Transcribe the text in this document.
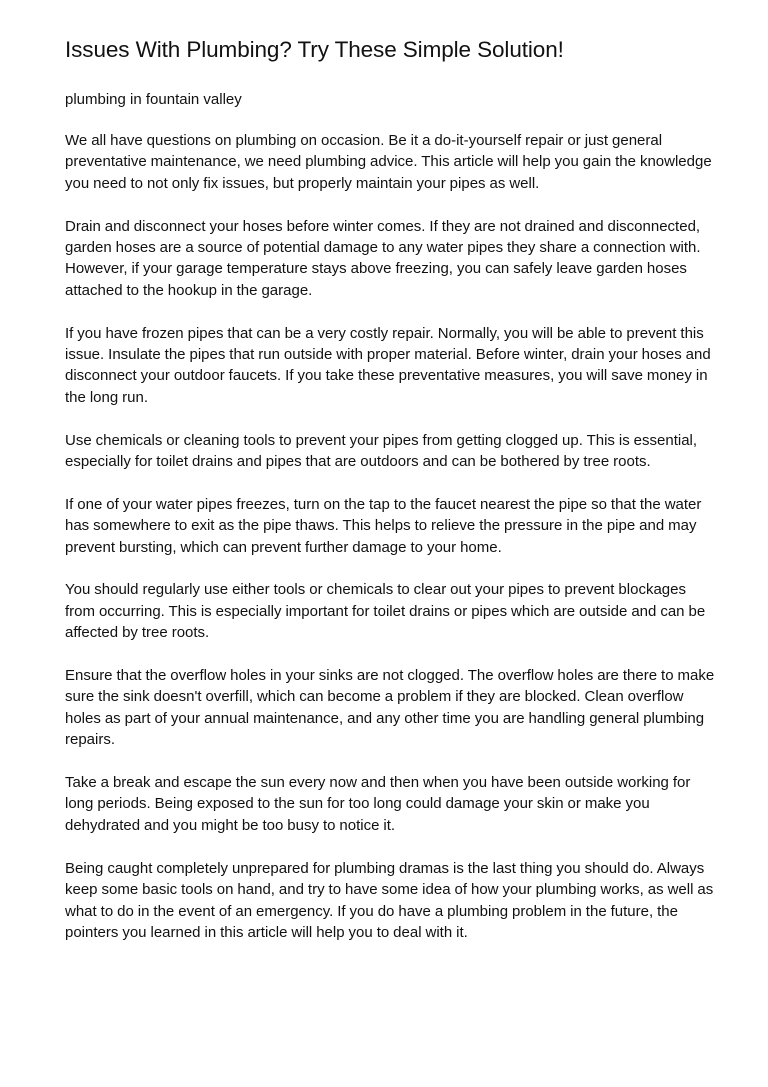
Issues With Plumbing? Try These Simple Solution!

plumbing in fountain valley

We all have questions on plumbing on occasion. Be it a do-it-yourself repair or just general preventative maintenance, we need plumbing advice. This article will help you gain the knowledge you need to not only fix issues, but properly maintain your pipes as well.

Drain and disconnect your hoses before winter comes. If they are not drained and disconnected, garden hoses are a source of potential damage to any water pipes they share a connection with. However, if your garage temperature stays above freezing, you can safely leave garden hoses attached to the hookup in the garage.

If you have frozen pipes that can be a very costly repair. Normally, you will be able to prevent this issue. Insulate the pipes that run outside with proper material. Before winter, drain your hoses and disconnect your outdoor faucets. If you take these preventative measures, you will save money in the long run.

Use chemicals or cleaning tools to prevent your pipes from getting clogged up. This is essential, especially for toilet drains and pipes that are outdoors and can be bothered by tree roots.

If one of your water pipes freezes, turn on the tap to the faucet nearest the pipe so that the water has somewhere to exit as the pipe thaws. This helps to relieve the pressure in the pipe and may prevent bursting, which can prevent further damage to your home.

You should regularly use either tools or chemicals to clear out your pipes to prevent blockages from occurring. This is especially important for toilet drains or pipes which are outside and can be affected by tree roots.

Ensure that the overflow holes in your sinks are not clogged. The overflow holes are there to make sure the sink doesn't overfill, which can become a problem if they are blocked. Clean overflow holes as part of your annual maintenance, and any other time you are handling general plumbing repairs.

Take a break and escape the sun every now and then when you have been outside working for long periods. Being exposed to the sun for too long could damage your skin or make you dehydrated and you might be too busy to notice it.

Being caught completely unprepared for plumbing dramas is the last thing you should do. Always keep some basic tools on hand, and try to have some idea of how your plumbing works, as well as what to do in the event of an emergency. If you do have a plumbing problem in the future, the pointers you learned in this article will help you to deal with it.
